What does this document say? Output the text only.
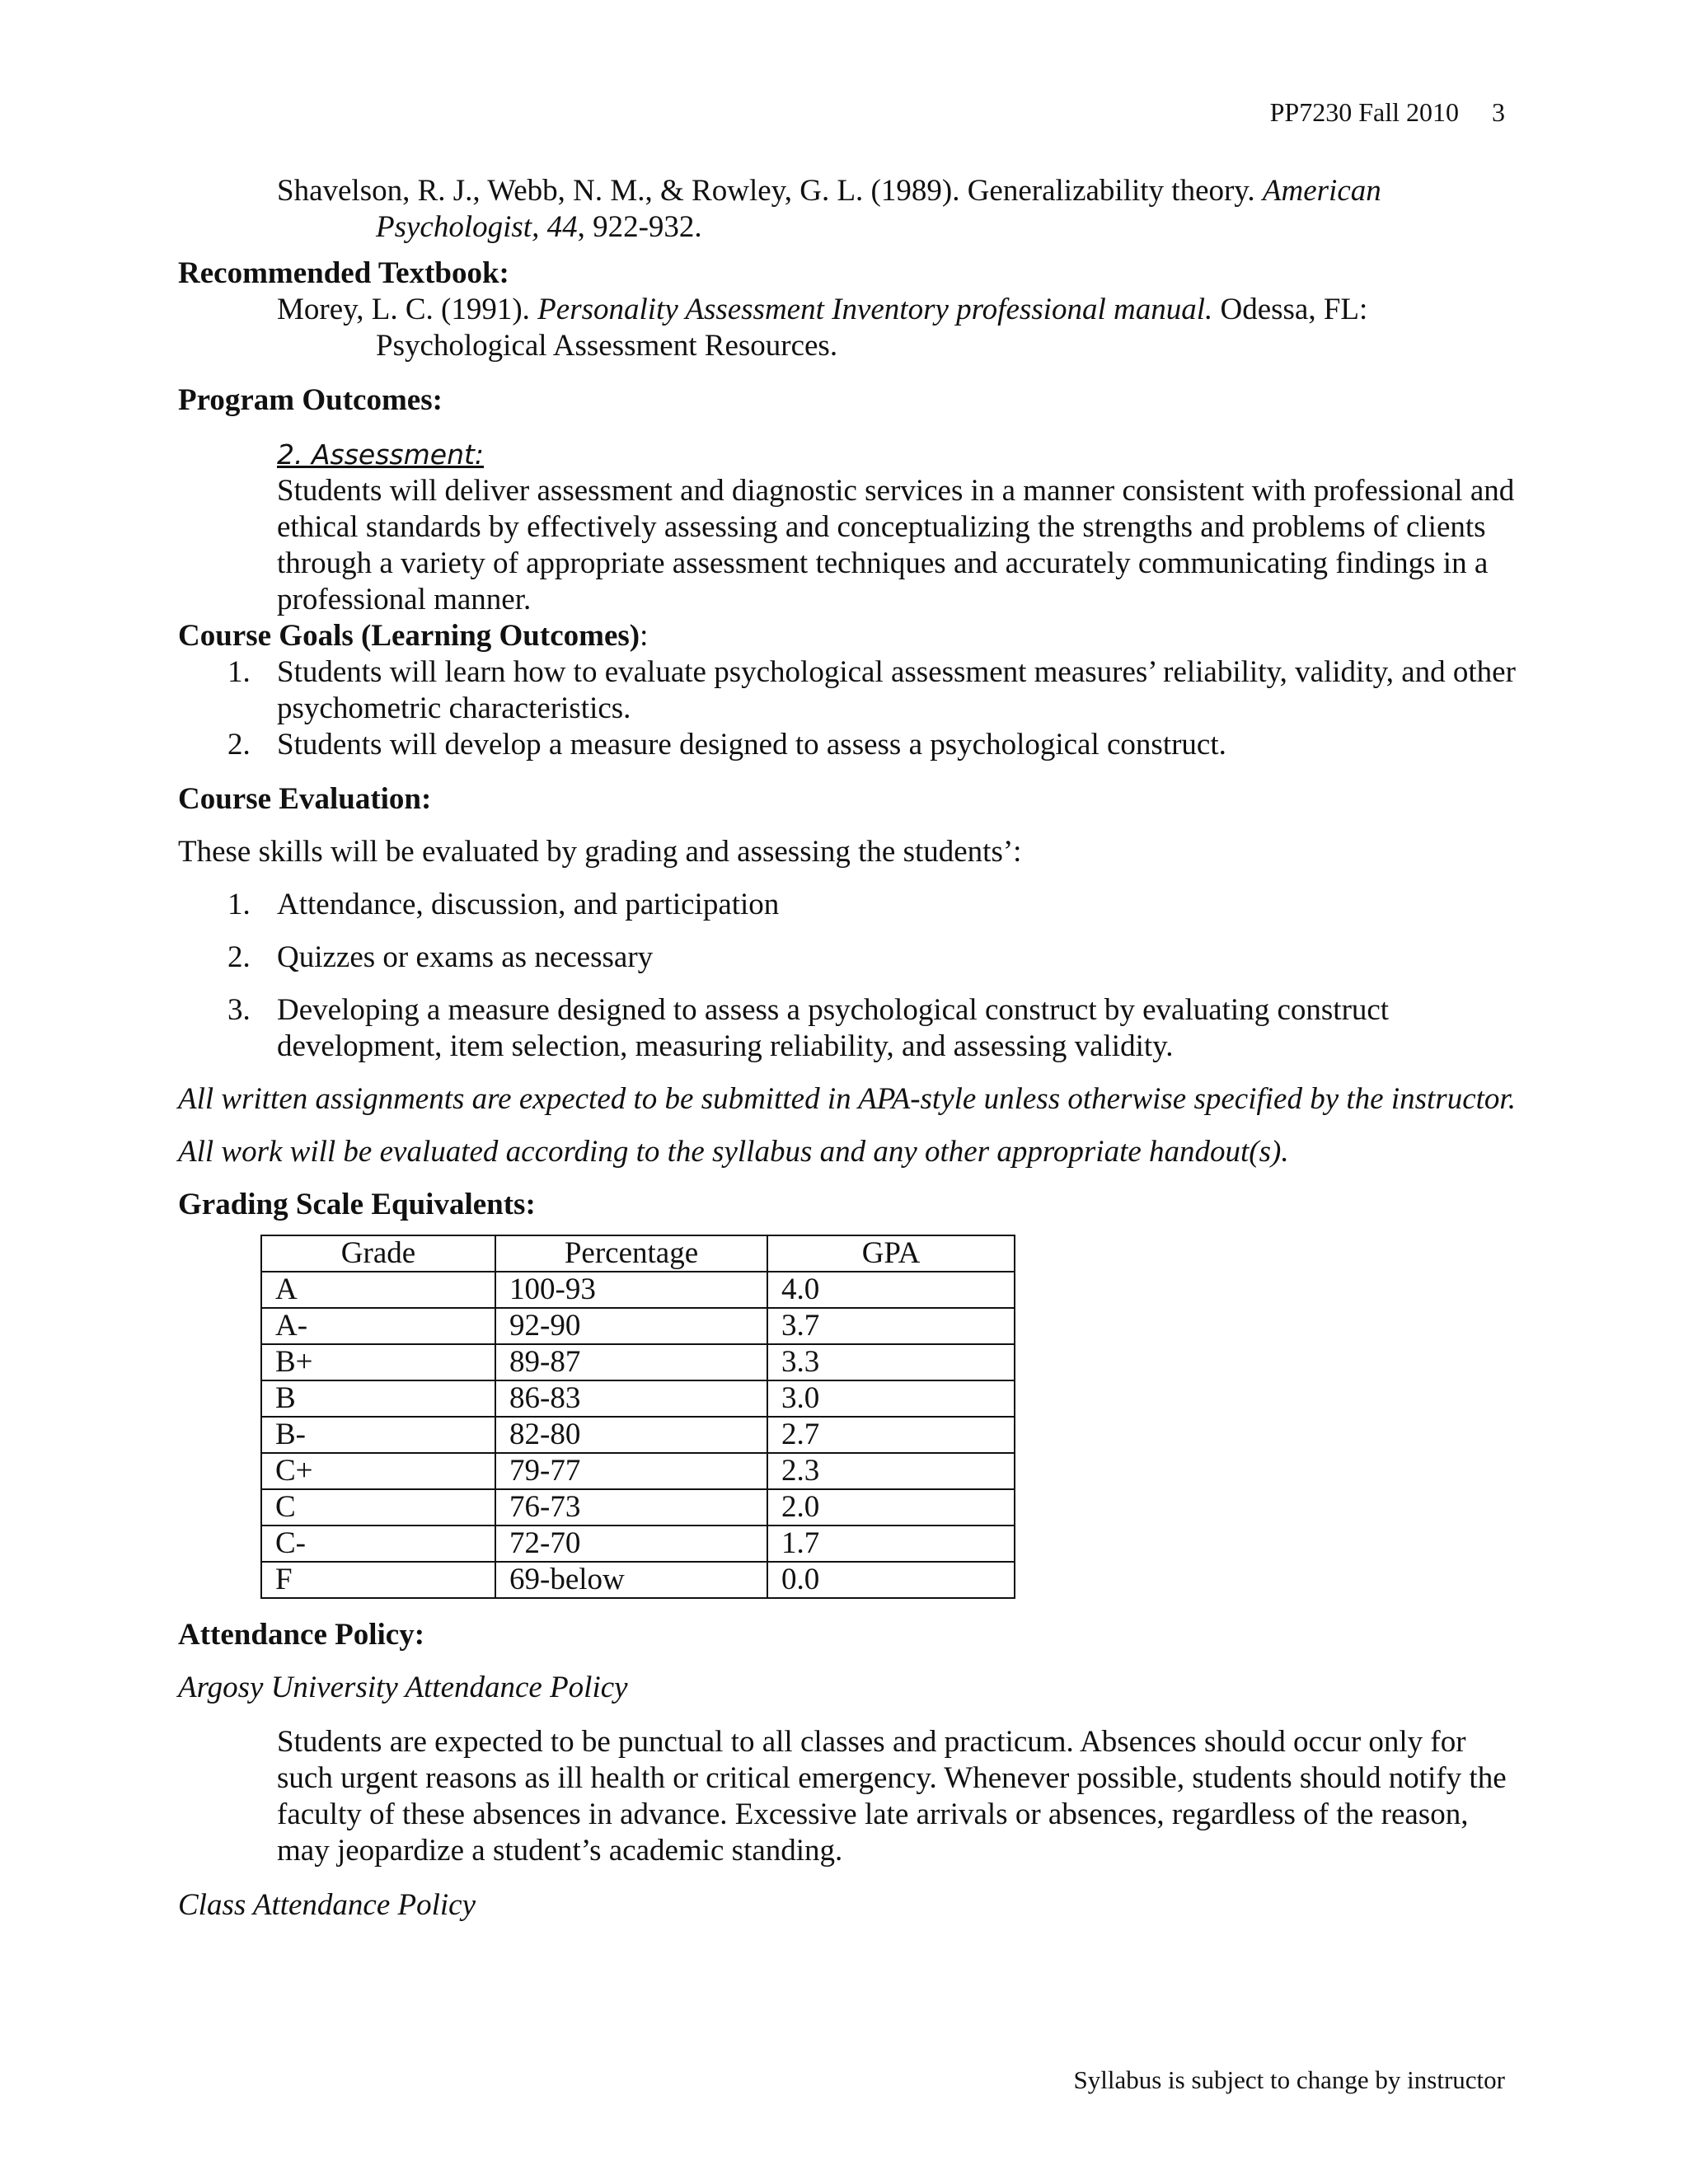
PP7230 Fall 2010 3

Shavelson, R. J., Webb, N. M., & Rowley, G. L. (1989). Generalizability theory. American Psychologist, 44, 922-932.

Recommended Textbook:

Morey, L. C. (1991). Personality Assessment Inventory professional manual. Odessa, FL: Psychological Assessment Resources.

Program Outcomes:

2. Assessment:
Students will deliver assessment and diagnostic services in a manner consistent with professional and ethical standards by effectively assessing and conceptualizing the strengths and problems of clients through a variety of appropriate assessment techniques and accurately communicating findings in a professional manner.

Course Goals (Learning Outcomes):

1. Students will learn how to evaluate psychological assessment measures’ reliability, validity, and other psychometric characteristics.
2. Students will develop a measure designed to assess a psychological construct.

Course Evaluation:

These skills will be evaluated by grading and assessing the students’:

1. Attendance, discussion, and participation
2. Quizzes or exams as necessary
3. Developing a measure designed to assess a psychological construct by evaluating construct development, item selection, measuring reliability, and assessing validity.

All written assignments are expected to be submitted in APA-style unless otherwise specified by the instructor.

All work will be evaluated according to the syllabus and any other appropriate handout(s).

Grading Scale Equivalents:

Grade	Percentage	GPA
A	100-93	4.0
A-	92-90	3.7
B+	89-87	3.3
B	86-83	3.0
B-	82-80	2.7
C+	79-77	2.3
C	76-73	2.0
C-	72-70	1.7
F	69-below	0.0

Attendance Policy:

Argosy University Attendance Policy

Students are expected to be punctual to all classes and practicum. Absences should occur only for such urgent reasons as ill health or critical emergency. Whenever possible, students should notify the faculty of these absences in advance. Excessive late arrivals or absences, regardless of the reason, may jeopardize a student’s academic standing.

Class Attendance Policy

Syllabus is subject to change by instructor
